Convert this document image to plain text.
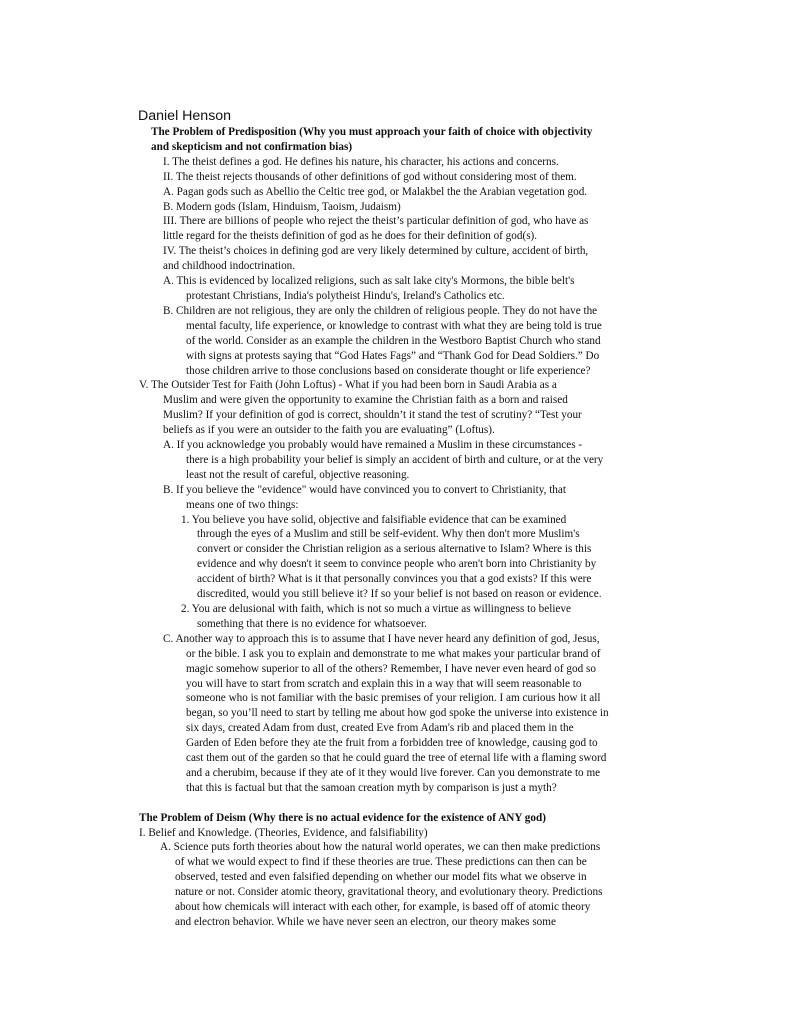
Daniel Henson
The Problem of Predisposition (Why you must approach your faith of choice with objectivity
and skepticism and not confirmation bias)
I. The theist defines a god. He defines his nature, his character, his actions and concerns.
II. The theist rejects thousands of other definitions of god without considering most of them.
A. Pagan gods such as Abellio the Celtic tree god, or Malakbel the the Arabian vegetation god.
B. Modern gods (Islam, Hinduism, Taoism, Judaism)
III. There are billions of people who reject the theist’s particular definition of god, who have as
little regard for the theists definition of god as he does for their definition of god(s).
IV. The theist’s choices in defining god are very likely determined by culture, accident of birth,
and childhood indoctrination.
A. This is evidenced by localized religions, such as salt lake city's Mormons, the bible belt's
protestant Christians, India's polytheist Hindu's, Ireland's Catholics etc.
B. Children are not religious, they are only the children of religious people. They do not have the
mental faculty, life experience, or knowledge to contrast with what they are being told is true
of the world. Consider as an example the children in the Westboro Baptist Church who stand
with signs at protests saying that “God Hates Fags” and “Thank God for Dead Soldiers.” Do
those children arrive to those conclusions based on considerate thought or life experience?
V. The Outsider Test for Faith (John Loftus) - What if you had been born in Saudi Arabia as a
Muslim and were given the opportunity to examine the Christian faith as a born and raised
Muslim? If your definition of god is correct, shouldn’t it stand the test of scrutiny? “Test your
beliefs as if you were an outsider to the faith you are evaluating” (Loftus).
A. If you acknowledge you probably would have remained a Muslim in these circumstances -
there is a high probability your belief is simply an accident of birth and culture, or at the very
least not the result of careful, objective reasoning.
B. If you believe the "evidence" would have convinced you to convert to Christianity, that
means one of two things:
1. You believe you have solid, objective and falsifiable evidence that can be examined
through the eyes of a Muslim and still be self-evident. Why then don't more Muslim's
convert or consider the Christian religion as a serious alternative to Islam? Where is this
evidence and why doesn't it seem to convince people who aren't born into Christianity by
accident of birth? What is it that personally convinces you that a god exists? If this were
discredited, would you still believe it? If so your belief is not based on reason or evidence.
2. You are delusional with faith, which is not so much a virtue as willingness to believe
something that there is no evidence for whatsoever.
C. Another way to approach this is to assume that I have never heard any definition of god, Jesus,
or the bible. I ask you to explain and demonstrate to me what makes your particular brand of
magic somehow superior to all of the others? Remember, I have never even heard of god so
you will have to start from scratch and explain this in a way that will seem reasonable to
someone who is not familiar with the basic premises of your religion. I am curious how it all
began, so you’ll need to start by telling me about how god spoke the universe into existence in
six days, created Adam from dust, created Eve from Adam's rib and placed them in the
Garden of Eden before they ate the fruit from a forbidden tree of knowledge, causing god to
cast them out of the garden so that he could guard the tree of eternal life with a flaming sword
and a cherubim, because if they ate of it they would live forever. Can you demonstrate to me
that this is factual but that the samoan creation myth by comparison is just a myth?
The Problem of Deism (Why there is no actual evidence for the existence of ANY god)
I. Belief and Knowledge. (Theories, Evidence, and falsifiability)
A. Science puts forth theories about how the natural world operates, we can then make predictions
of what we would expect to find if these theories are true. These predictions can then can be
observed, tested and even falsified depending on whether our model fits what we observe in
nature or not. Consider atomic theory, gravitational theory, and evolutionary theory. Predictions
about how chemicals will interact with each other, for example, is based off of atomic theory
and electron behavior. While we have never seen an electron, our theory makes some
